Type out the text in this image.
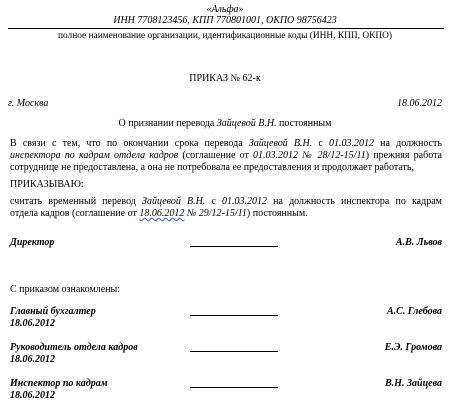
«Альфа»
ИНН 7708123456, КПП 770801001, ОКПО 98756423
полное наименование организации, идентификационные коды (ИНН, КПП, ОКПО)
ПРИКАЗ № 62-к
г. Москва	18.06.2012
О признании перевода Зайцевой В.Н. постоянным
В связи с тем, что по окончании срока перевода Зайцевой В.Н. с 01.03.2012 на должность
инспектора по кадрам отдела кадров (соглашение от 01.03.2012 № 28/12-15/11) прежняя работа
сотруднице не предоставлена, а она не потребовала ее предоставления и продолжает работать,
ПРИКАЗЫВАЮ:
считать временный перевод Зайцевой В.Н. с 01.03.2012 на должность инспектора по кадрам
отдела кадров (соглашение от 18.06.2012 № 29/12-15/11) постоянным.
Директор	А.В. Львов
С приказом ознакомлены:
Главный бухгалтер	А.С. Глебова
18.06.2012
Руководитель отдела кадров	Е.Э. Громова
18.06.2012
Инспектор по кадрам	В.Н. Зайцева
18.06.2012
